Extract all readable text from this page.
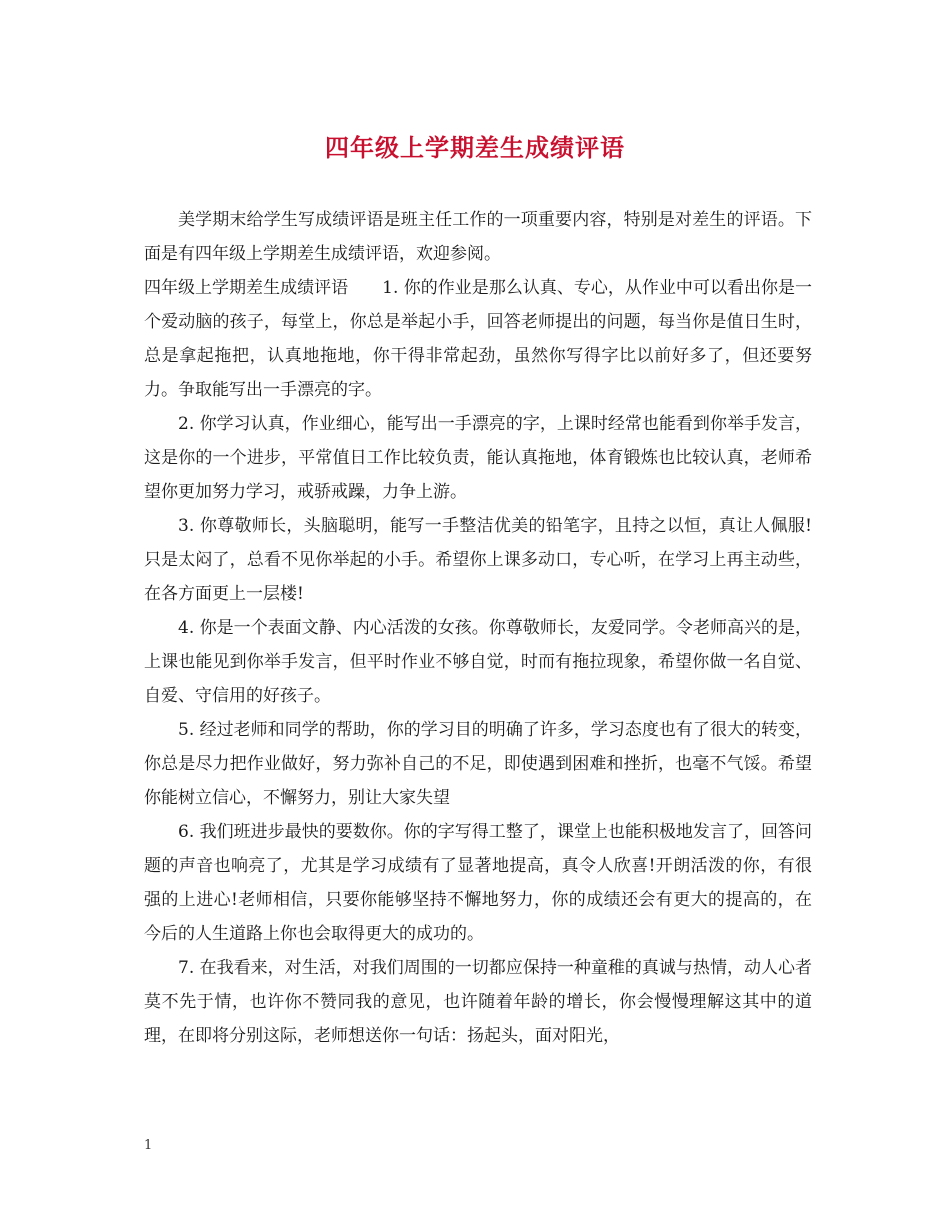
四年级上学期差生成绩评语

美学期末给学生写成绩评语是班主任工作的一项重要内容，特别是对差生的评语。下面是有四年级上学期差生成绩评语，欢迎参阅。

四年级上学期差生成绩评语　　1. 你的作业是那么认真、专心，从作业中可以看出你是一个爱动脑的孩子，每堂上，你总是举起小手，回答老师提出的问题，每当你是值日生时，总是拿起拖把，认真地拖地，你干得非常起劲，虽然你写得字比以前好多了，但还要努力。争取能写出一手漂亮的字。

2. 你学习认真，作业细心，能写出一手漂亮的字，上课时经常也能看到你举手发言，这是你的一个进步，平常值日工作比较负责，能认真拖地，体育锻炼也比较认真，老师希望你更加努力学习，戒骄戒躁，力争上游。

3. 你尊敬师长，头脑聪明，能写一手整洁优美的铅笔字，且持之以恒，真让人佩服!只是太闷了，总看不见你举起的小手。希望你上课多动口，专心听，在学习上再主动些，在各方面更上一层楼!

4. 你是一个表面文静、内心活泼的女孩。你尊敬师长，友爱同学。令老师高兴的是，上课也能见到你举手发言，但平时作业不够自觉，时而有拖拉现象，希望你做一名自觉、自爱、守信用的好孩子。

5. 经过老师和同学的帮助，你的学习目的明确了许多，学习态度也有了很大的转变，你总是尽力把作业做好，努力弥补自己的不足，即使遇到困难和挫折，也毫不气馁。希望你能树立信心，不懈努力，别让大家失望

6. 我们班进步最快的要数你。你的字写得工整了，课堂上也能积极地发言了，回答问题的声音也响亮了，尤其是学习成绩有了显著地提高，真令人欣喜!开朗活泼的你，有很强的上进心!老师相信，只要你能够坚持不懈地努力，你的成绩还会有更大的提高的，在今后的人生道路上你也会取得更大的成功的。

7. 在我看来，对生活，对我们周围的一切都应保持一种童稚的真诚与热情，动人心者莫不先于情，也许你不赞同我的意见，也许随着年龄的增长，你会慢慢理解这其中的道理，在即将分别这际，老师想送你一句话：扬起头，面对阳光，

1
